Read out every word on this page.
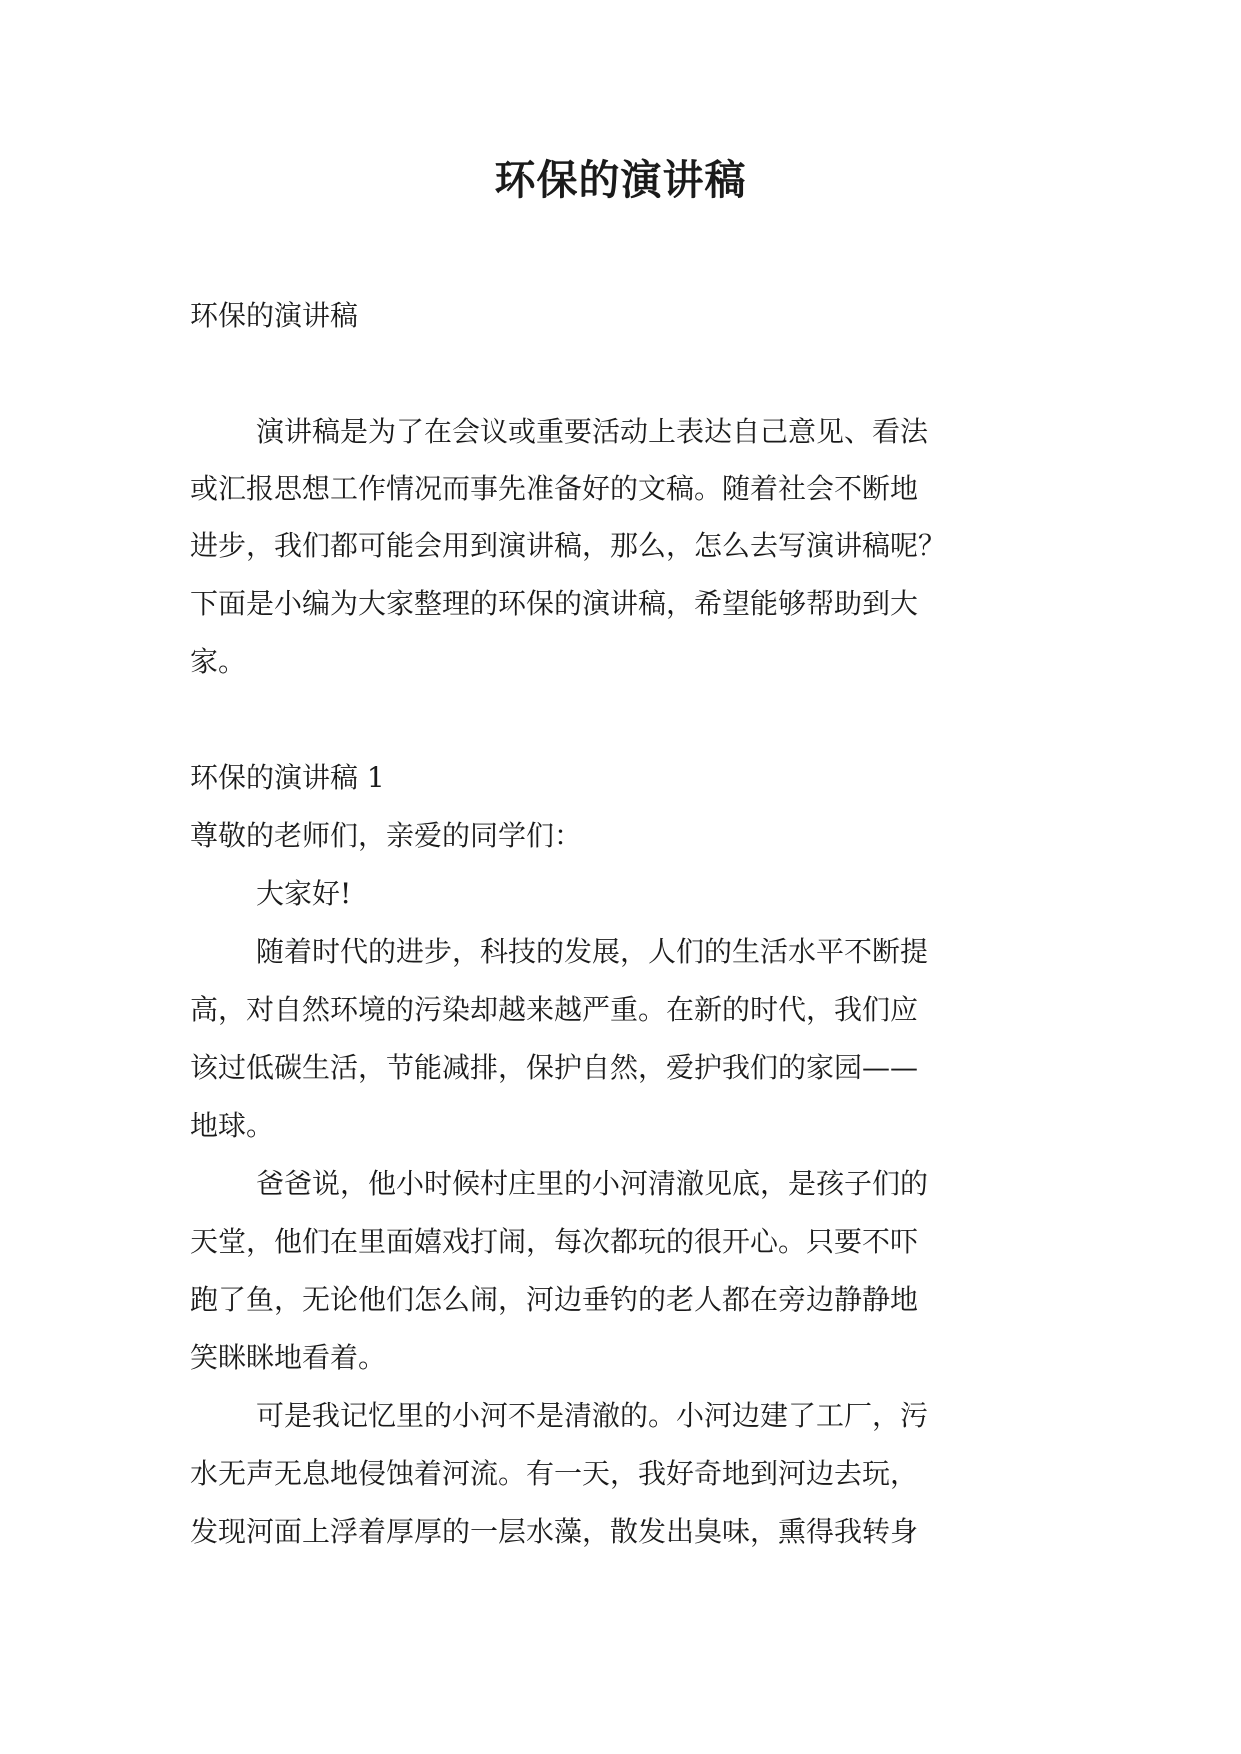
环保的演讲稿
环保的演讲稿
演讲稿是为了在会议或重要活动上表达自己意见、看法
或汇报思想工作情况而事先准备好的文稿。随着社会不断地
进步，我们都可能会用到演讲稿，那么，怎么去写演讲稿呢？
下面是小编为大家整理的环保的演讲稿，希望能够帮助到大
家。
环保的演讲稿 1
尊敬的老师们，亲爱的同学们：
大家好!
随着时代的进步，科技的发展，人们的生活水平不断提
高，对自然环境的污染却越来越严重。在新的时代，我们应
该过低碳生活，节能减排，保护自然，爱护我们的家园——
地球。
爸爸说，他小时候村庄里的小河清澈见底，是孩子们的
天堂，他们在里面嬉戏打闹，每次都玩的很开心。只要不吓
跑了鱼，无论他们怎么闹，河边垂钓的老人都在旁边静静地
笑眯眯地看着。
可是我记忆里的小河不是清澈的。小河边建了工厂，污
水无声无息地侵蚀着河流。有一天，我好奇地到河边去玩，
发现河面上浮着厚厚的一层水藻，散发出臭味，熏得我转身
